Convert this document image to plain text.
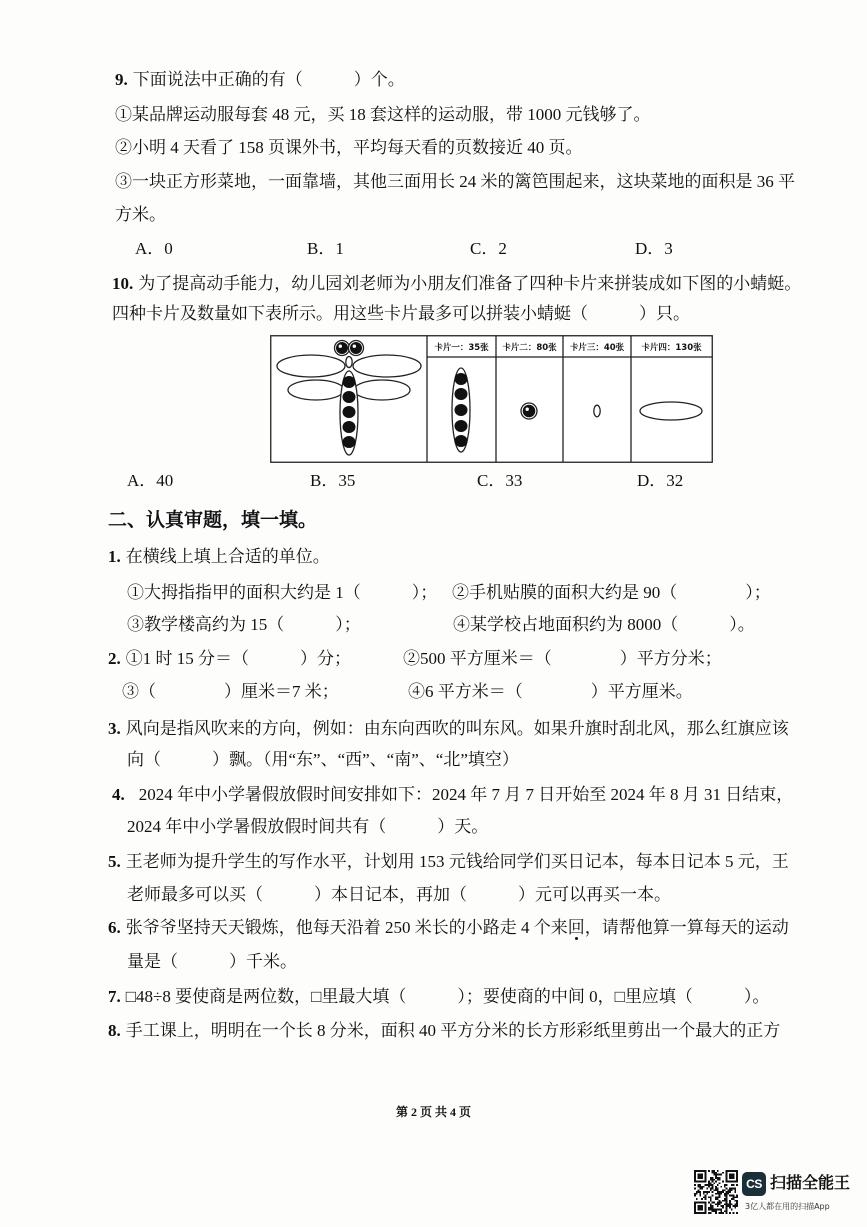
9. 下面说法中正确的有（　　　）个。
①某品牌运动服每套 48 元，买 18 套这样的运动服，带 1000 元钱够了。
②小明 4 天看了 158 页课外书，平均每天看的页数接近 40 页。
③一块正方形菜地，一面靠墙，其他三面用长 24 米的篱笆围起来，这块菜地的面积是 36 平
方米。
A．0	B．1	C．2	D．3
10. 为了提高动手能力，幼儿园刘老师为小朋友们准备了四种卡片来拼装成如下图的小蜻蜓。
四种卡片及数量如下表所示。用这些卡片最多可以拼装小蜻蜓（　　　）只。
卡片一：35张 卡片二：80张 卡片三：40张 卡片四：130张
A．40	B．35	C．33	D．32
二、认真审题，填一填。
1. 在横线上填上合适的单位。
①大拇指指甲的面积大约是 1（　　　）； ②手机贴膜的面积大约是 90（　　　　）；
③教学楼高约为 15（　　　）；	④某学校占地面积约为 8000（　　　）。
2. ①1 时 15 分＝（　　　）分；	②500 平方厘米＝（　　　　）平方分米；
③（　　　　）厘米＝7 米；	④6 平方米＝（　　　　）平方厘米。
3. 风向是指风吹来的方向，例如：由东向西吹的叫东风。如果升旗时刮北风，那么红旗应该
向（　　　）飘。（用“东”、“西”、“南”、“北”填空）
4. 2024 年中小学暑假放假时间安排如下：2024 年 7 月 7 日开始至 2024 年 8 月 31 日结束，
2024 年中小学暑假放假时间共有（　　　）天。
5. 王老师为提升学生的写作水平，计划用 153 元钱给同学们买日记本，每本日记本 5 元，王
老师最多可以买（　　　）本日记本，再加（　　　）元可以再买一本。
6. 张爷爷坚持天天锻炼，他每天沿着 250 米长的小路走 4 个来回，请帮他算一算每天的运动
量是（　　　）千米。
7. □48÷8 要使商是两位数，□里最大填（　　　）；要使商的中间 0，□里应填（　　　）。
8. 手工课上，明明在一个长 8 分米，面积 40 平方分米的长方形彩纸里剪出一个最大的正方
第 2 页 共 4 页
CS 扫描全能王
3亿人都在用的扫描App
